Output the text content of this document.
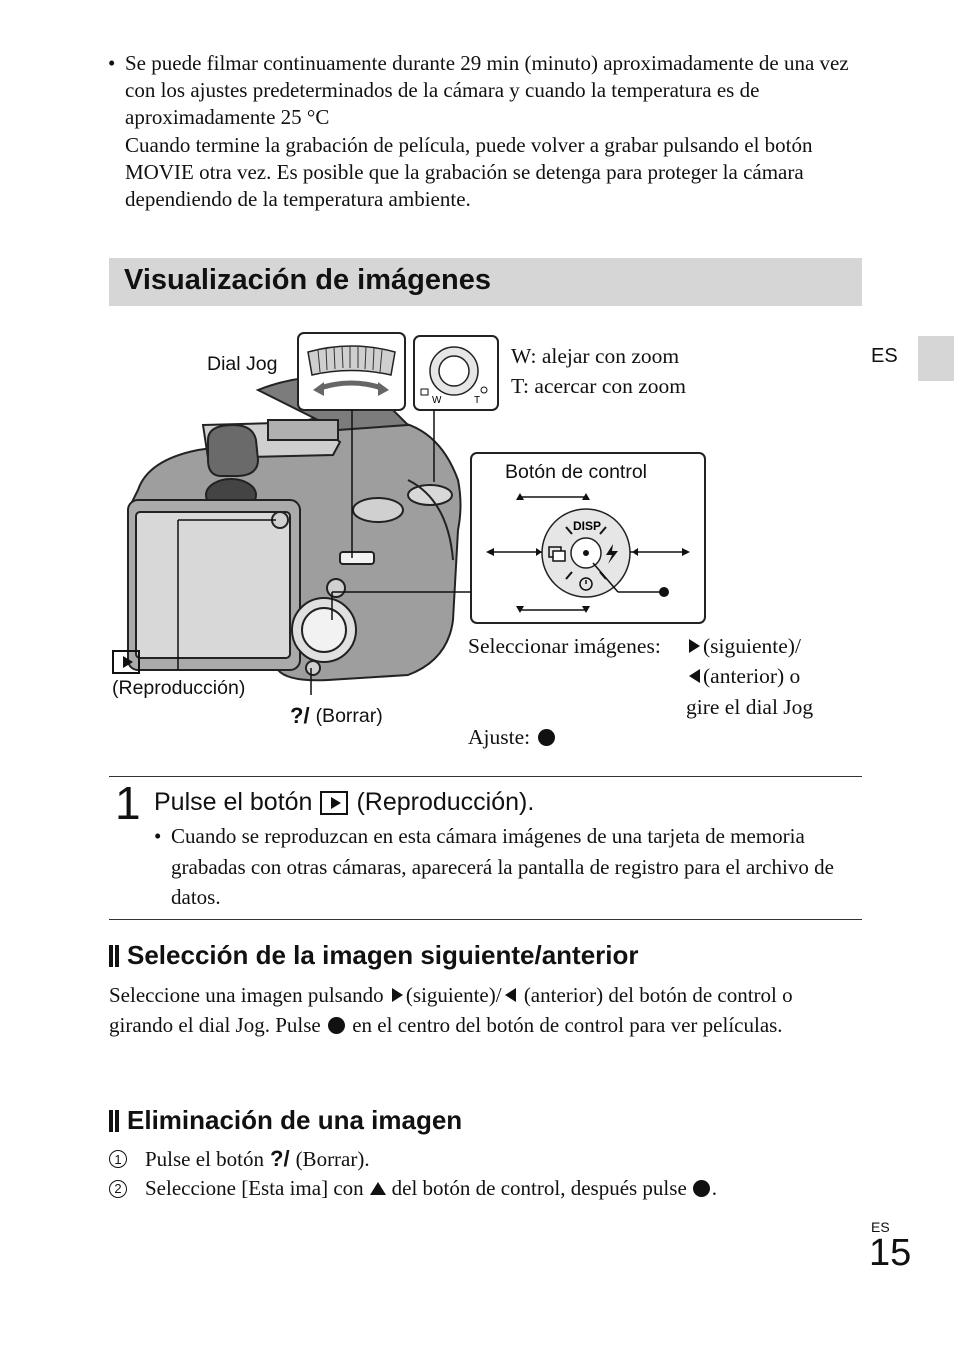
• Se puede filmar continuamente durante 29 min (minuto) aproximadamente de una vez con los ajustes predeterminados de la cámara y cuando la temperatura es de aproximadamente 25 °C
Cuando termine la grabación de película, puede volver a grabar pulsando el botón MOVIE otra vez. Es posible que la grabación se detenga para proteger la cámara dependiendo de la temperatura ambiente.
Visualización de imágenes
ES
W	T
DISP
Dial Jog	W: alejar con zoom
T: acercar con zoom
Botón de control
(Reproducción)
?/ (Borrar)
Seleccionar imágenes: (siguiente)/
(anterior) o
gire el dial Jog
Ajuste:
1 Pulse el botón (Reproducción).
• Cuando se reproduzcan en esta cámara imágenes de una tarjeta de memoria grabadas con otras cámaras, aparecerá la pantalla de registro para el archivo de datos.
Selección de la imagen siguiente/anterior
Seleccione una imagen pulsando (siguiente)/ (anterior) del botón de control o girando el dial Jog. Pulse en el centro del botón de control para ver películas.
Eliminación de una imagen
1 Pulse el botón ?/ (Borrar).
2 Seleccione [Esta ima] con del botón de control, después pulse .
ES
15
